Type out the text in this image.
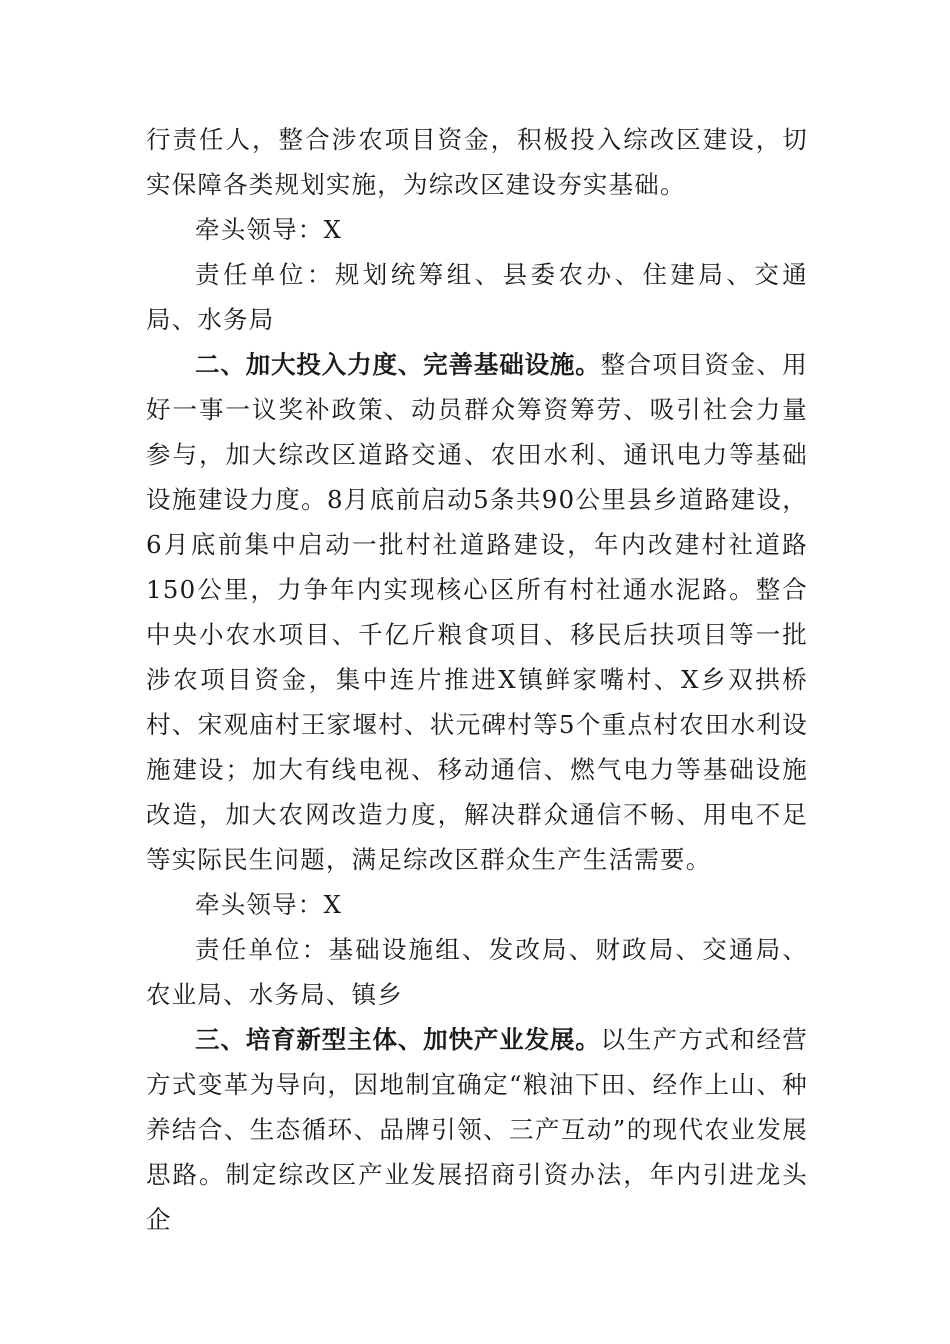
行责任人，整合涉农项目资金，积极投入综改区建设，切实保障各类规划实施，为综改区建设夯实基础。

牵头领导：X

责任单位：规划统筹组、县委农办、住建局、交通局、水务局

二、加大投入力度、完善基础设施。整合项目资金、用好一事一议奖补政策、动员群众筹资筹劳、吸引社会力量参与，加大综改区道路交通、农田水利、通讯电力等基础设施建设力度。8月底前启动5条共90公里县乡道路建设，6月底前集中启动一批村社道路建设，年内改建村社道路150公里，力争年内实现核心区所有村社通水泥路。整合中央小农水项目、千亿斤粮食项目、移民后扶项目等一批涉农项目资金，集中连片推进X镇鲜家嘴村、X乡双拱桥村、宋观庙村王家堰村、状元碑村等5个重点村农田水利设施建设；加大有线电视、移动通信、燃气电力等基础设施改造，加大农网改造力度，解决群众通信不畅、用电不足等实际民生问题，满足综改区群众生产生活需要。

牵头领导：X

责任单位：基础设施组、发改局、财政局、交通局、农业局、水务局、镇乡

三、培育新型主体、加快产业发展。以生产方式和经营方式变革为导向，因地制宜确定“粮油下田、经作上山、种养结合、生态循环、品牌引领、三产互动”的现代农业发展思路。制定综改区产业发展招商引资办法，年内引进龙头企
